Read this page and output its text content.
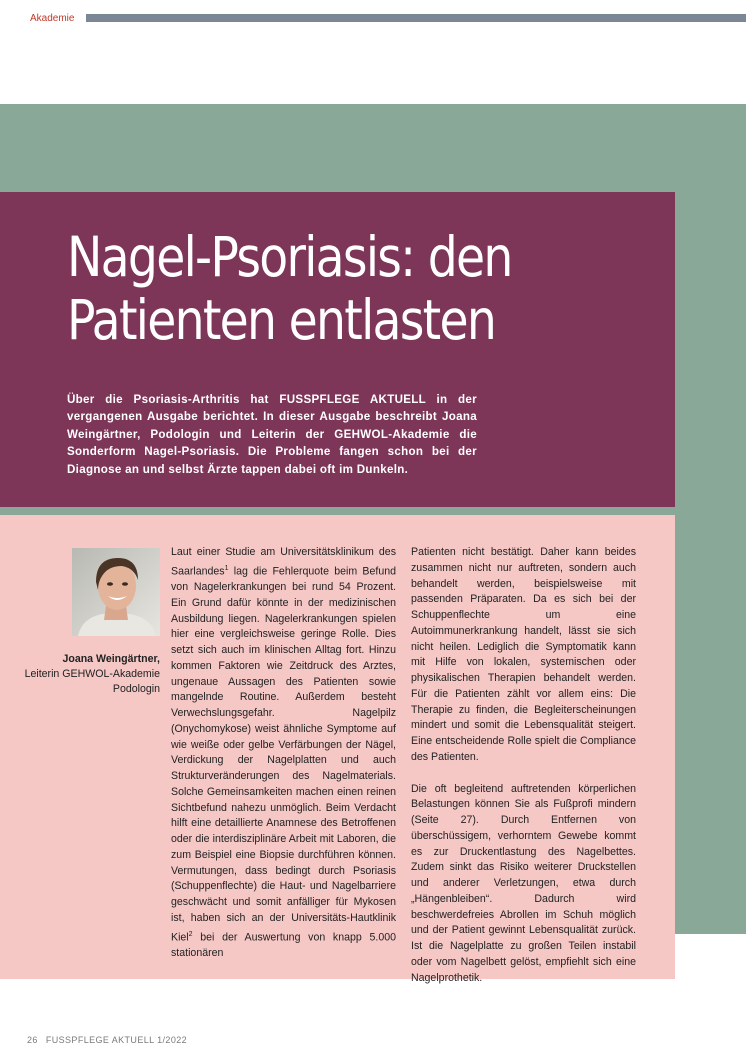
Akademie
Nagel-Psoriasis: den
Patienten entlasten

Über die Psoriasis-Arthritis hat FUSSPFLEGE AKTUELL in der vergangenen Ausgabe berichtet. In dieser Ausgabe beschreibt Joana Weingärtner, Podologin und Leiterin der GEHWOL-Akademie die Sonderform Nagel-Psoriasis. Die Probleme fangen schon bei der Diagnose an und selbst Ärzte tappen dabei oft im Dunkeln.

Joana Weingärtner,
Leiterin GEHWOL-Akademie
Podologin

Laut einer Studie am Universitätsklinikum des Saarlandes$^1$ lag die Fehlerquote beim Befund von Nagelerkrankungen bei rund 54 Prozent. Ein Grund dafür könnte in der medizinischen Ausbildung liegen. Nagelerkrankungen spielen hier eine vergleichsweise geringe Rolle. Dies setzt sich auch im klinischen Alltag fort. Hinzu kommen Faktoren wie Zeitdruck des Arztes, ungenaue Aussagen des Patienten sowie mangelnde Routine. Außerdem besteht Verwechslungsgefahr. Nagelpilz (Onychomykose) weist ähnliche Symptome auf wie weiße oder gelbe Verfärbungen der Nägel, Verdickung der Nagelplatten und auch Strukturveränderungen des Nagelmaterials. Solche Gemeinsamkeiten machen einen reinen Sichtbefund nahezu unmöglich. Beim Verdacht hilft eine detaillierte Anamnese des Betroffenen oder die interdisziplinäre Arbeit mit Laboren, die zum Beispiel eine Biopsie durchführen können. Vermutungen, dass bedingt durch Psoriasis (Schuppenflechte) die Haut- und Nagelbarriere geschwächt und somit anfälliger für Mykosen ist, haben sich an der Universitäts-Hautklinik Kiel$^2$ bei der Auswertung von knapp 5.000 stationären

Patienten nicht bestätigt. Daher kann beides zusammen nicht nur auftreten, sondern auch behandelt werden, beispielsweise mit passenden Präparaten. Da es sich bei der Schuppenflechte um eine Autoimmunerkrankung handelt, lässt sie sich nicht heilen. Lediglich die Symptomatik kann mit Hilfe von lokalen, systemischen oder physikalischen Therapien behandelt werden. Für die Patienten zählt vor allem eins: Die Therapie zu finden, die Begleiterscheinungen mindert und somit die Lebensqualität steigert. Eine entscheidende Rolle spielt die Compliance des Patienten.

Die oft begleitend auftretenden körperlichen Belastungen können Sie als Fußprofi mindern (Seite 27). Durch Entfernen von überschüssigem, verhorntem Gewebe kommt es zur Druckentlastung des Nagelbettes. Zudem sinkt das Risiko weiterer Druckstellen und anderer Verletzungen, etwa durch „Hängenbleiben“. Dadurch wird beschwerdefreies Abrollen im Schuh möglich und der Patient gewinnt Lebensqualität zurück. Ist die Nagelplatte zu großen Teilen instabil oder vom Nagelbett gelöst, empfiehlt sich eine Nagelprothetik.

26 FUSSPFLEGE AKTUELL 1/2022
